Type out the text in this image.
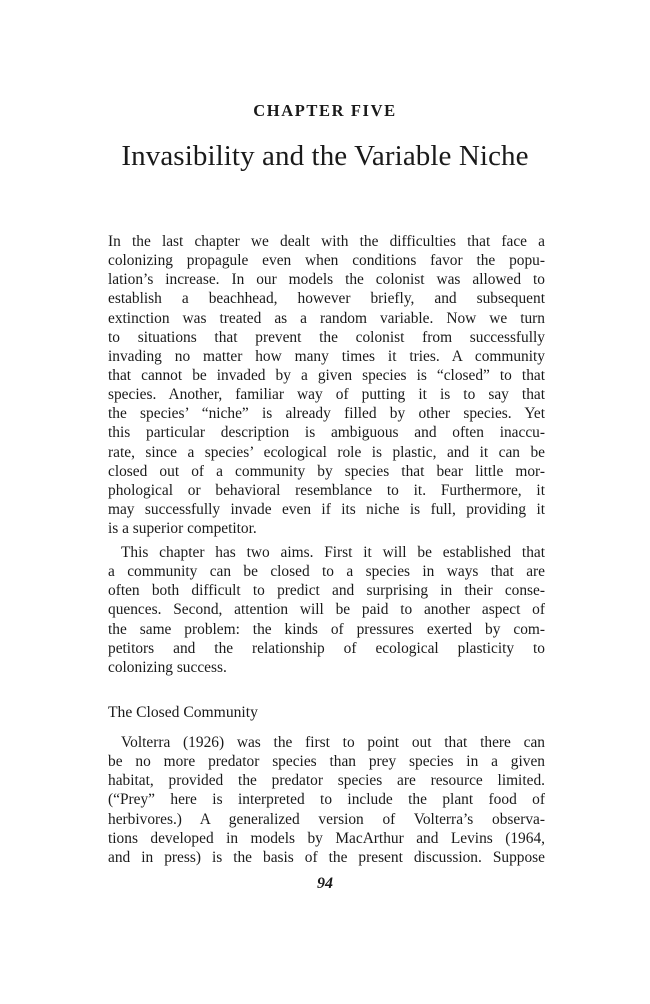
CHAPTER FIVE
Invasibility and the Variable Niche
In the last chapter we dealt with the difficulties that face a
colonizing propagule even when conditions favor the popu-
lation’s increase. In our models the colonist was allowed to
establish a beachhead, however briefly, and subsequent
extinction was treated as a random variable. Now we turn
to situations that prevent the colonist from successfully
invading no matter how many times it tries. A community
that cannot be invaded by a given species is “closed” to that
species. Another, familiar way of putting it is to say that
the species’ “niche” is already filled by other species. Yet
this particular description is ambiguous and often inaccu-
rate, since a species’ ecological role is plastic, and it can be
closed out of a community by species that bear little mor-
phological or behavioral resemblance to it. Furthermore, it
may successfully invade even if its niche is full, providing it
is a superior competitor.
This chapter has two aims. First it will be established that
a community can be closed to a species in ways that are
often both difficult to predict and surprising in their conse-
quences. Second, attention will be paid to another aspect of
the same problem: the kinds of pressures exerted by com-
petitors and the relationship of ecological plasticity to
colonizing success.
The Closed Community
Volterra (1926) was the first to point out that there can
be no more predator species than prey species in a given
habitat, provided the predator species are resource limited.
(“Prey” here is interpreted to include the plant food of
herbivores.) A generalized version of Volterra’s observa-
tions developed in models by MacArthur and Levins (1964,
and in press) is the basis of the present discussion. Suppose
94
